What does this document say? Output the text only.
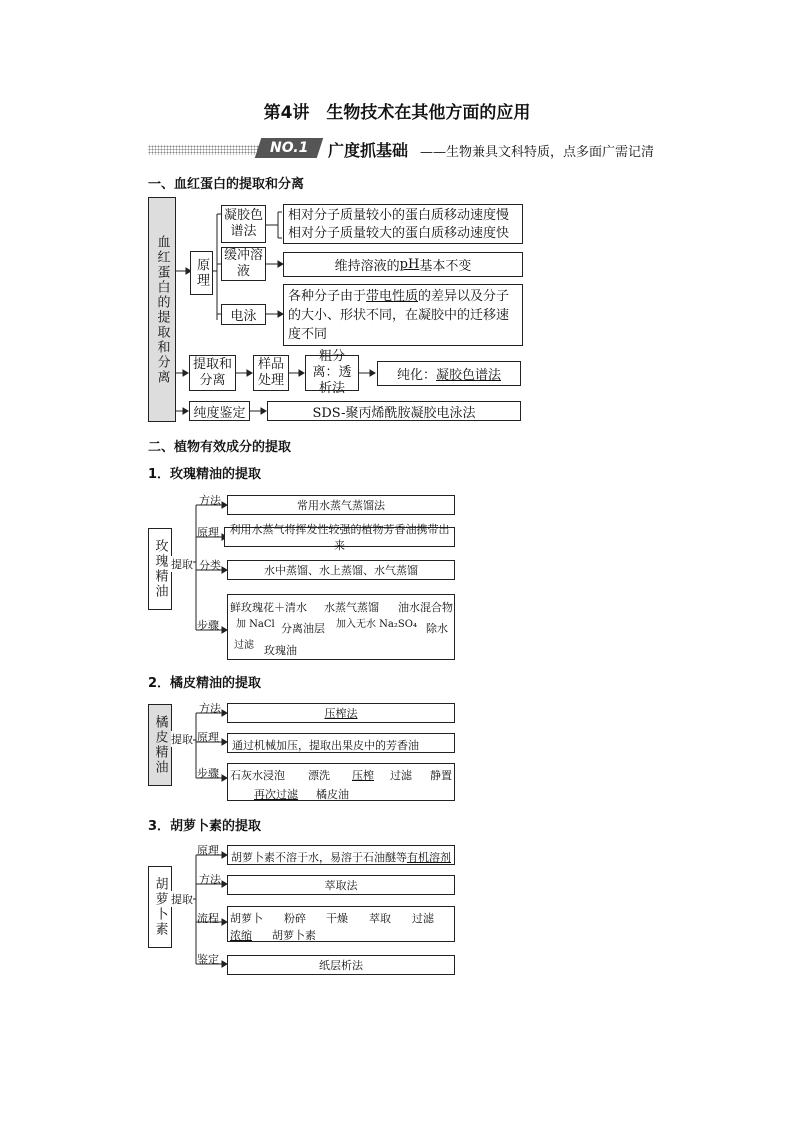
第4讲　生物技术在其他方面的应用
NO.1 广度抓基础 ——生物兼具文科特质，点多面广需记清
一、血红蛋白的提取和分离
血红蛋白的提取和分离 原理
凝胶色谱法
相对分子质量较小的蛋白质移动速度慢
相对分子质量较大的蛋白质移动速度快
缓冲溶液	维持溶液的 pH 基本不变
电泳
各种分子由于带电性质的差异以及分子的大小、形状不同，在凝胶中的迁移速度不同
提取和分离
样品处理
粗分离：透析法
纯化： 凝胶色谱法
纯度鉴定	SDS-聚丙烯酰胺凝胶电泳法
二、植物有效成分的提取
1．玫瑰精油的提取
玫瑰精油 提取
方法
原理
分类
步骤
常用水蒸气蒸馏法
利用水蒸气将挥发性较强的植物芳香油携带出来
水中蒸馏、水上蒸馏、水气蒸馏
鲜玫瑰花＋清水 水蒸气蒸馏 油水混合物
加 NaCl 分离油层 加入无水 Na₂SO₄ 除水
过滤 玫瑰油
2．橘皮精油的提取
橘皮精油 提取
方法
原理
步骤
压榨法
通过机械加压，提取出果皮中的芳香油
石灰水浸泡 漂洗 压榨 过滤 静置
再次过滤 橘皮油
3．胡萝卜素的提取
胡萝卜素 提取
原理
方法
流程
鉴定
胡萝卜素不溶于水，易溶于石油醚等有机溶剂
萃取法
胡萝卜 粉碎 干燥 萃取 过滤
浓缩 胡萝卜素
纸层析法
